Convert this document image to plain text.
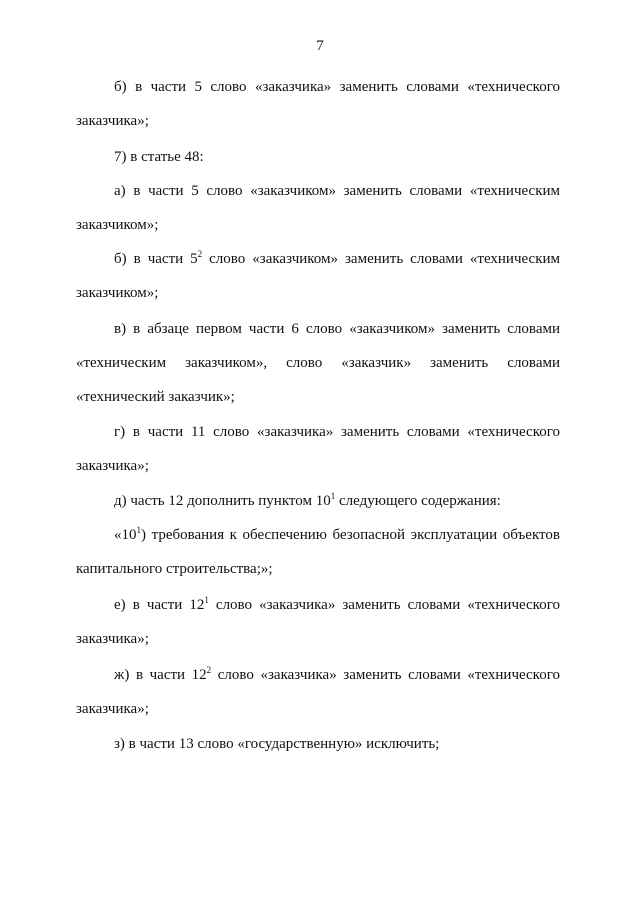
7
б) в части 5 слово «заказчика» заменить словами «технического
заказчика»;
7) в статье 48:
а) в части 5 слово «заказчиком» заменить словами «техническим
заказчиком»;
б) в части $5^2$ слово «заказчиком» заменить словами «техническим
заказчиком»;
в) в абзаце первом части 6 слово «заказчиком» заменить словами
«техническим заказчиком», слово «заказчик» заменить словами
«технический заказчик»;
г) в части 11 слово «заказчика» заменить словами «технического
заказчика»;
д) часть 12 дополнить пунктом $10^1$ следующего содержания:
«$10^1$) требования к обеспечению безопасной эксплуатации объектов
капитального строительства;»;
е) в части $12^1$ слово «заказчика» заменить словами «технического
заказчика»;
ж) в части $12^2$ слово «заказчика» заменить словами «технического
заказчика»;
з) в части 13 слово «государственную» исключить;
